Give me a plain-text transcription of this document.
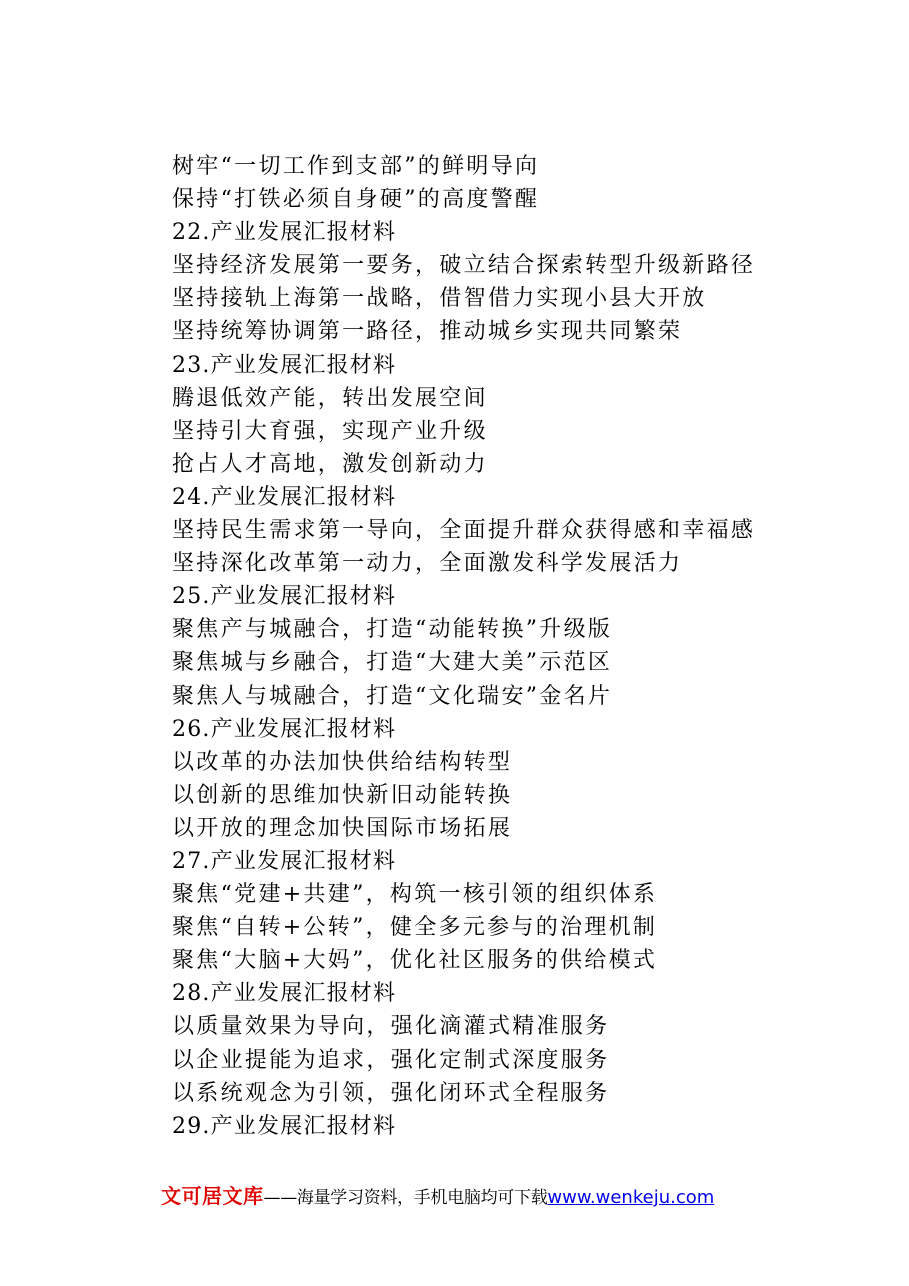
树牢“一切工作到支部”的鲜明导向
保持“打铁必须自身硬”的高度警醒
22.产业发展汇报材料
坚持经济发展第一要务，破立结合探索转型升级新路径
坚持接轨上海第一战略，借智借力实现小县大开放
坚持统筹协调第一路径，推动城乡实现共同繁荣
23.产业发展汇报材料
腾退低效产能，转出发展空间
坚持引大育强，实现产业升级
抢占人才高地，激发创新动力
24.产业发展汇报材料
坚持民生需求第一导向，全面提升群众获得感和幸福感
坚持深化改革第一动力，全面激发科学发展活力
25.产业发展汇报材料
聚焦产与城融合，打造“动能转换”升级版
聚焦城与乡融合，打造“大建大美”示范区
聚焦人与城融合，打造“文化瑞安”金名片
26.产业发展汇报材料
以改革的办法加快供给结构转型
以创新的思维加快新旧动能转换
以开放的理念加快国际市场拓展
27.产业发展汇报材料
聚焦“党建+共建”，构筑一核引领的组织体系
聚焦“自转+公转”，健全多元参与的治理机制
聚焦“大脑+大妈”，优化社区服务的供给模式
28.产业发展汇报材料
以质量效果为导向，强化滴灌式精准服务
以企业提能为追求，强化定制式深度服务
以系统观念为引领，强化闭环式全程服务
29.产业发展汇报材料
文可居文库——海量学习资料，手机电脑均可下载www.wenkeju.com
